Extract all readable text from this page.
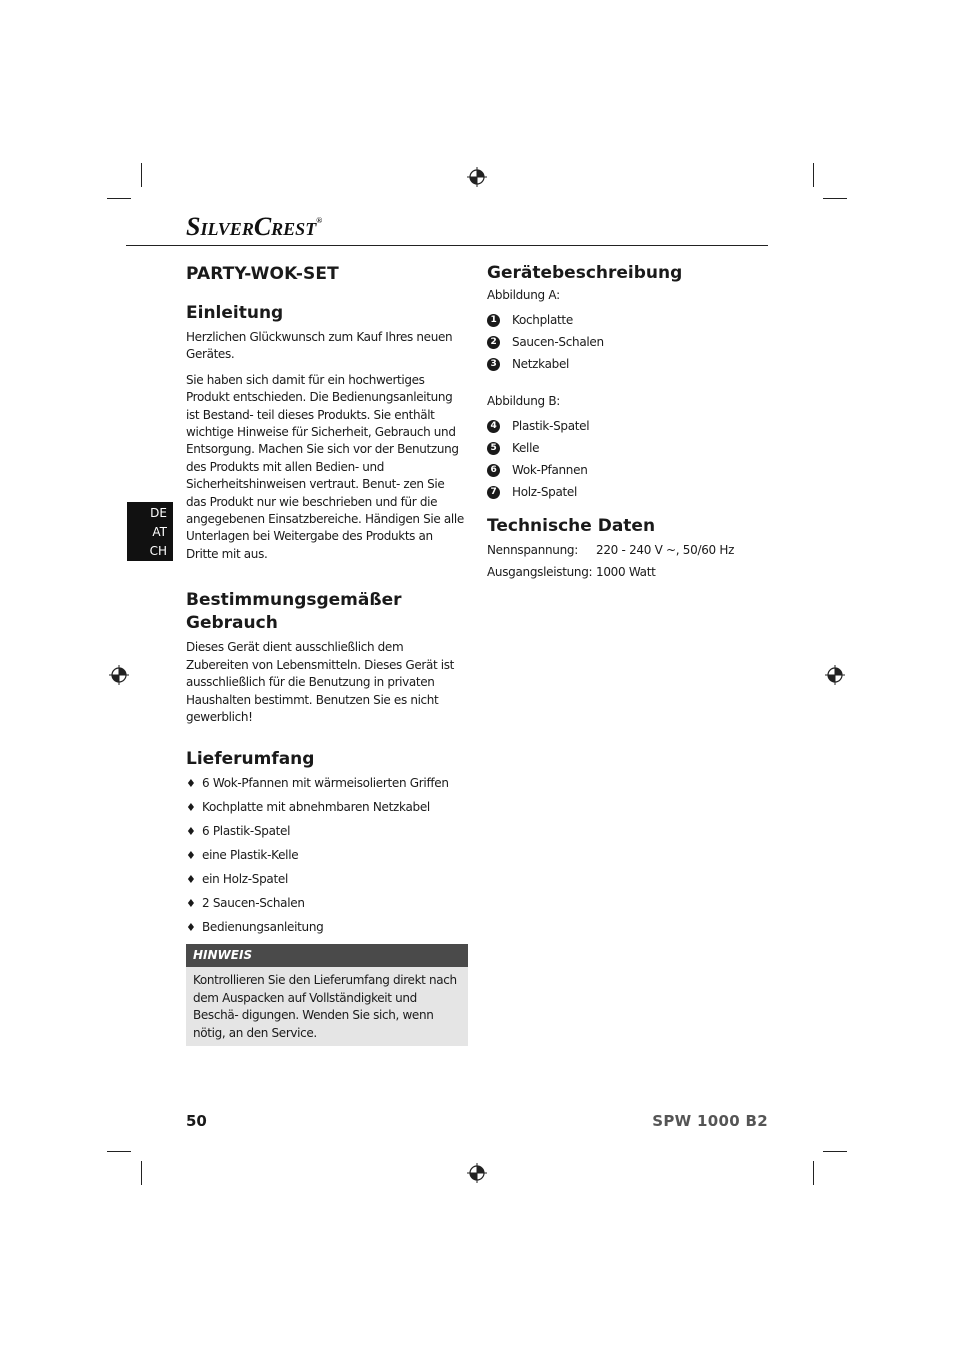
SILVERCREST®
DE
AT
CH
PARTY-WOK-SET
Einleitung

Herzlichen Glückwunsch zum Kauf Ihres neuen Gerätes.

Sie haben sich damit für ein hochwertiges Produkt entschieden. Die Bedienungsanleitung ist Bestand- teil dieses Produkts. Sie enthält wichtige Hinweise für Sicherheit, Gebrauch und Entsorgung. Machen Sie sich vor der Benutzung des Produkts mit allen Bedien- und Sicherheitshinweisen vertraut. Benut- zen Sie das Produkt nur wie beschrieben und für die angegebenen Einsatzbereiche. Händigen Sie alle Unterlagen bei Weitergabe des Produkts an Dritte mit aus.

Bestimmungsgemäßer Gebrauch

Dieses Gerät dient ausschließlich dem Zubereiten von Lebensmitteln. Dieses Gerät ist ausschließlich für die Benutzung in privaten Haushalten bestimmt. Benutzen Sie es nicht gewerblich!

Lieferumfang
♦ 6 Wok-Pfannen mit wärmeisolierten Griffen
♦ Kochplatte mit abnehmbaren Netzkabel
♦ 6 Plastik-Spatel
♦ eine Plastik-Kelle
♦ ein Holz-Spatel
♦ 2 Saucen-Schalen
♦ Bedienungsanleitung
HINWEIS
Kontrollieren Sie den Lieferumfang direkt nach dem Auspacken auf Vollständigkeit und Beschä- digungen. Wenden Sie sich, wenn nötig, an den Service.
Gerätebeschreibung
Abbildung A:
1 Kochplatte
2 Saucen-Schalen
3 Netzkabel
Abbildung B:
4 Plastik-Spatel
5 Kelle
6 Wok-Pfannen
7 Holz-Spatel
Technische Daten
Nennspannung:	220 - 240 V ~, 50/60 Hz
Ausgangsleistung: 1000 Watt
50	SPW 1000 B2
